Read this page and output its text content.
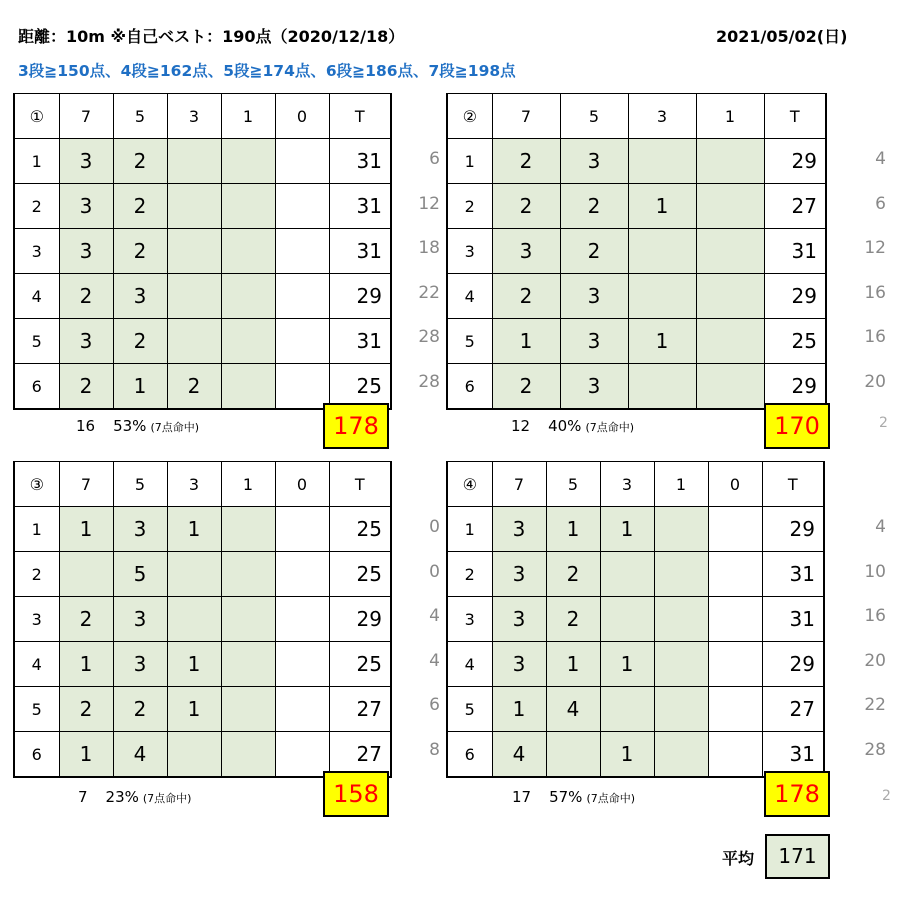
距離：10m ※自己ベスト：190点（2020/12/18）	2021/05/02(日)
3段≧150点、4段≧162点、5段≧174点、6段≧186点、7段≧198点
①	7	5	3	1	0	T
1	3	2				31
2	3	2				31
3	3	2				31
4	2	3				29
5	3	2				31
6	2	1	2			25
②	7	5	3	1	T
1	2	3			29
2	2	2	1		27
3	3	2			31
4	2	3			29
5	1	3	1		25
6	2	3			29
③	7	5	3	1	0	T
1	1	3	1			25
2		5				25
3	2	3				29
4	1	3	1			25
5	2	2	1			27
6	1	4				27
④	7	5	3	1	0	T
1	3	1	1			29
2	3	2				31
3	3	2				31
4	3	1	1			29
5	1	4				27
6	4		1			31
6
12
18
22
28
28
4
6
12
16
16
20
0
0
4
4
6
8
4
10
16
20
22
28
16 53% (7点命中)	12 40% (7点命中)
7 23% (7点命中)	17 57% (7点命中)
178	170
158	178
2
2
平均	171
